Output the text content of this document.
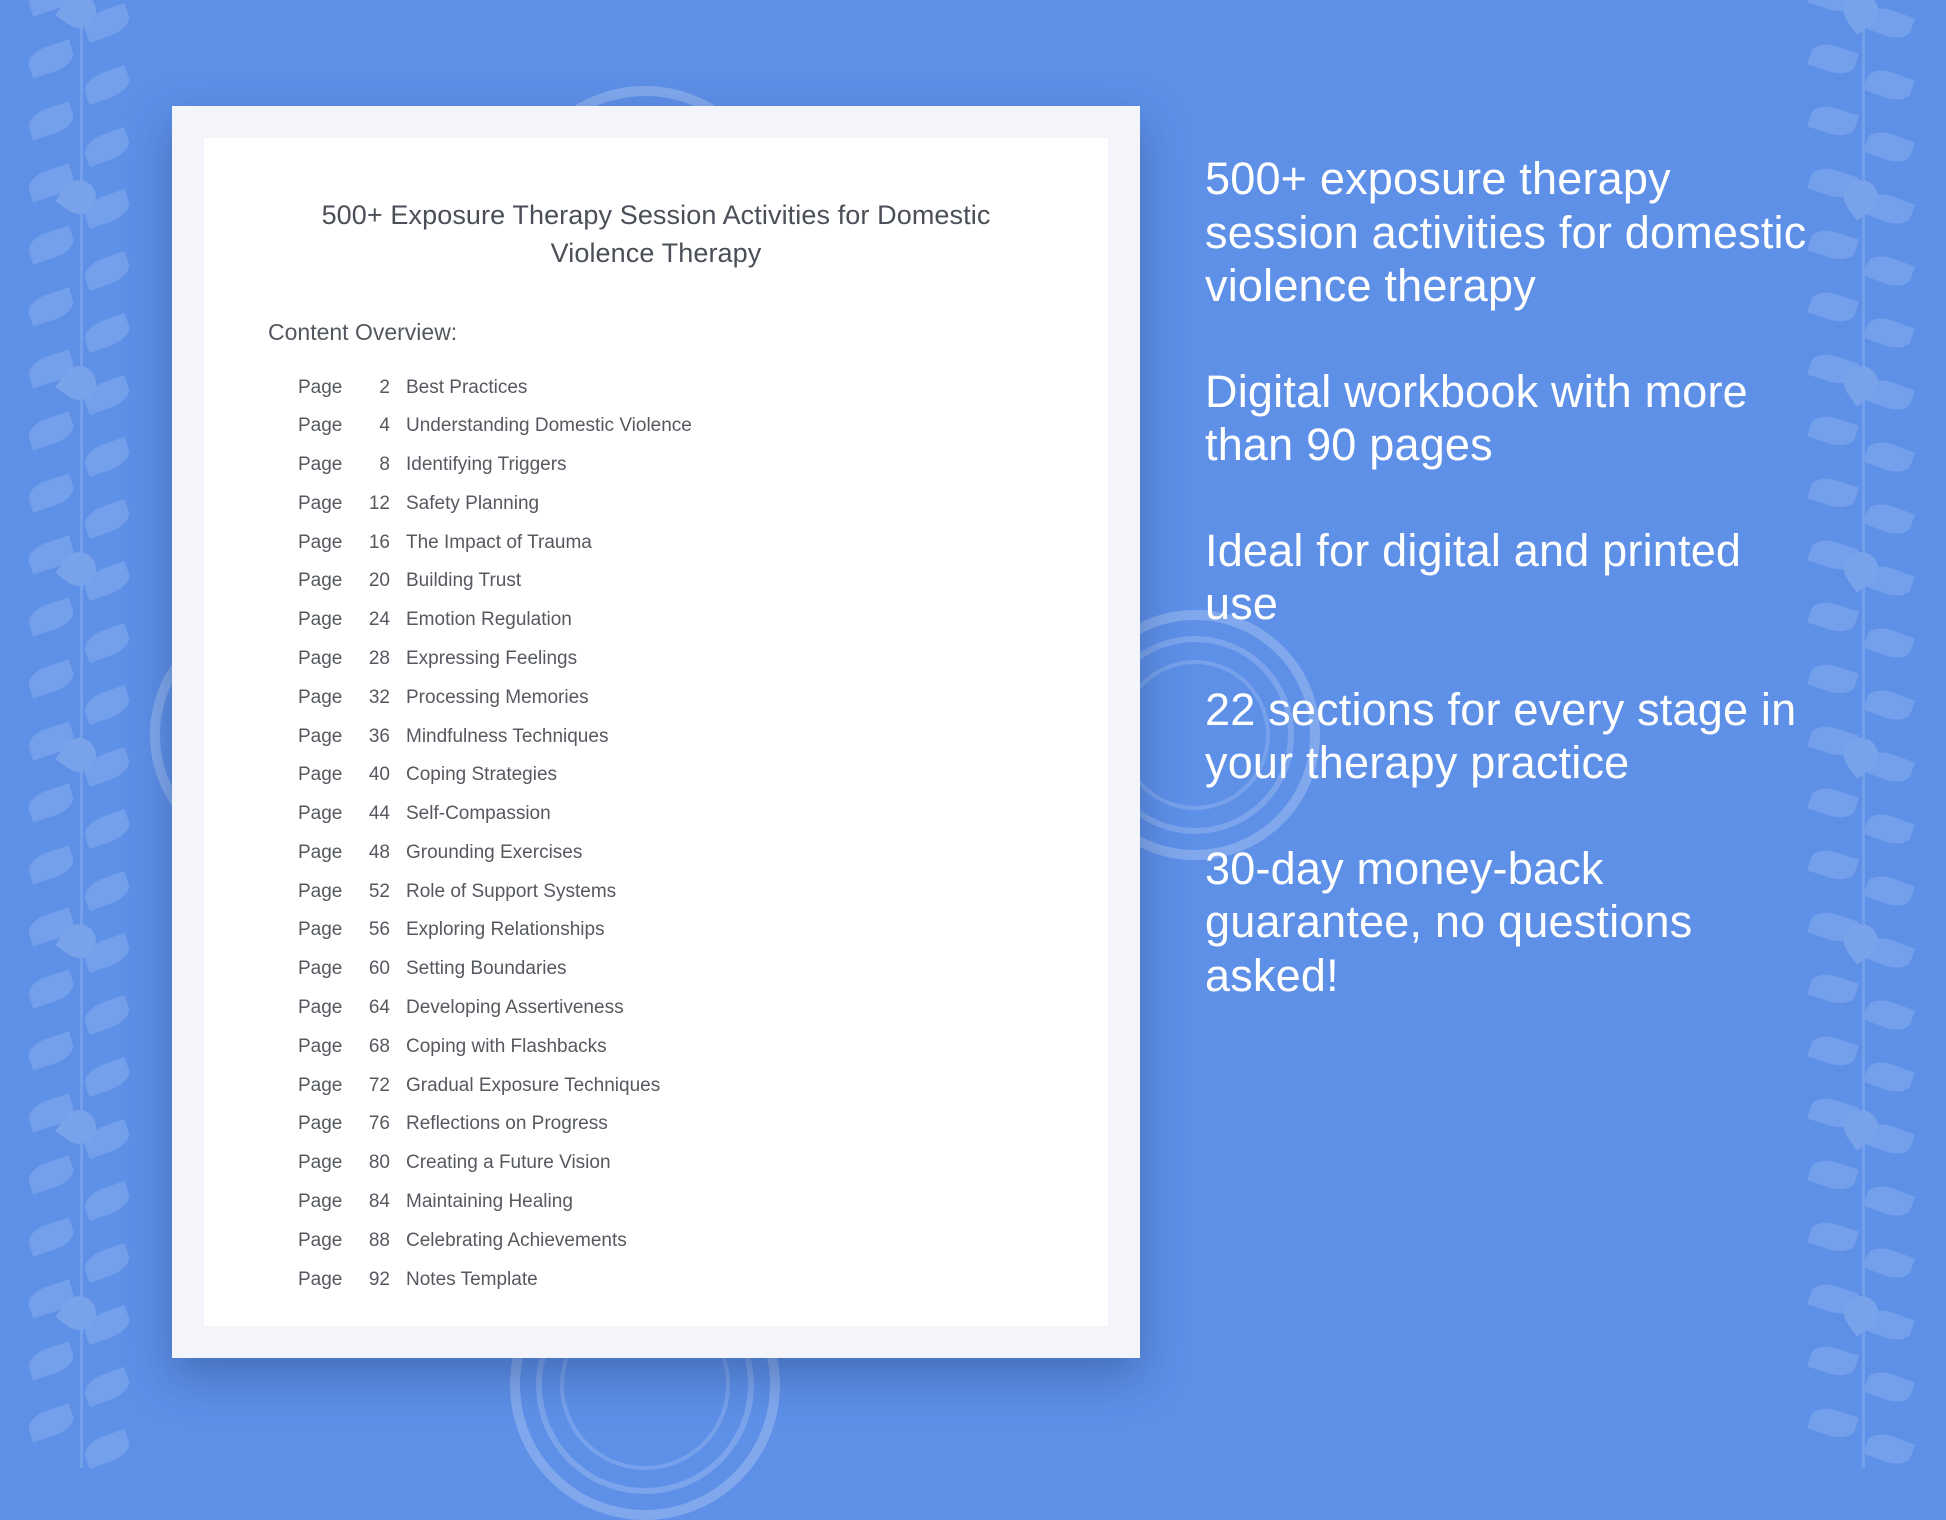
500+ Exposure Therapy Session Activities for Domestic Violence Therapy
Content Overview:
Page	2 Best Practices
Page	4 Understanding Domestic Violence
Page	8 Identifying Triggers
Page	12 Safety Planning
Page	16 The Impact of Trauma
Page	20 Building Trust
Page	24 Emotion Regulation
Page	28 Expressing Feelings
Page	32 Processing Memories
Page	36 Mindfulness Techniques
Page	40 Coping Strategies
Page	44 Self-Compassion
Page	48 Grounding Exercises
Page	52 Role of Support Systems
Page	56 Exploring Relationships
Page	60 Setting Boundaries
Page	64 Developing Assertiveness
Page	68 Coping with Flashbacks
Page	72 Gradual Exposure Techniques
Page	76 Reflections on Progress
Page	80 Creating a Future Vision
Page	84 Maintaining Healing
Page	88 Celebrating Achievements
Page	92 Notes Template

500+ exposure therapy session activities for domestic violence therapy

Digital workbook with more than 90 pages

Ideal for digital and printed use

22 sections for every stage in your therapy practice

30-day money-back guarantee, no questions asked!
